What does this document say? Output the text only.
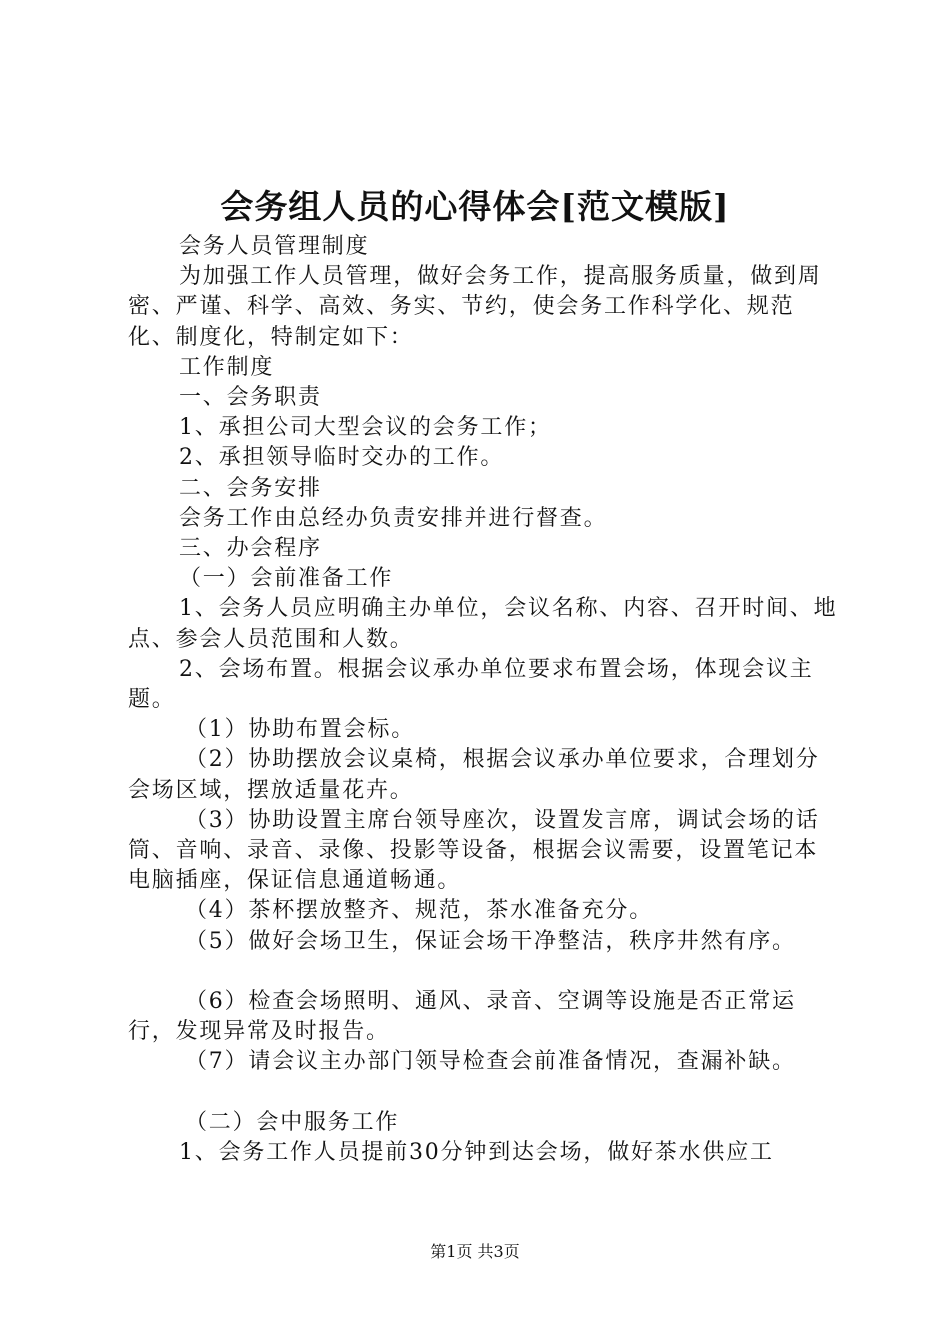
会务组人员的心得体会[范文模版]

会务人员管理制度

为加强工作人员管理，做好会务工作，提高服务质量，做到周密、严谨、科学、高效、务实、节约，使会务工作科学化、规范化、制度化，特制定如下：

工作制度

一、会务职责

1、承担公司大型会议的会务工作；

2、承担领导临时交办的工作。

二、会务安排

会务工作由总经办负责安排并进行督查。

三、办会程序

（一）会前准备工作

1、会务人员应明确主办单位，会议名称、内容、召开时间、地点、参会人员范围和人数。

2、会场布置。根据会议承办单位要求布置会场，体现会议主题。

（1）协助布置会标。

（2）协助摆放会议桌椅，根据会议承办单位要求，合理划分会场区域，摆放适量花卉。

（3）协助设置主席台领导座次，设置发言席，调试会场的话筒、音响、录音、录像、投影等设备，根据会议需要，设置笔记本电脑插座，保证信息通道畅通。

（4）茶杯摆放整齐、规范，茶水准备充分。

（5）做好会场卫生，保证会场干净整洁，秩序井然有序。

（6）检查会场照明、通风、录音、空调等设施是否正常运行，发现异常及时报告。

（7）请会议主办部门领导检查会前准备情况，查漏补缺。

（二）会中服务工作

1、会务工作人员提前30分钟到达会场，做好茶水供应工

第1页 共3页
